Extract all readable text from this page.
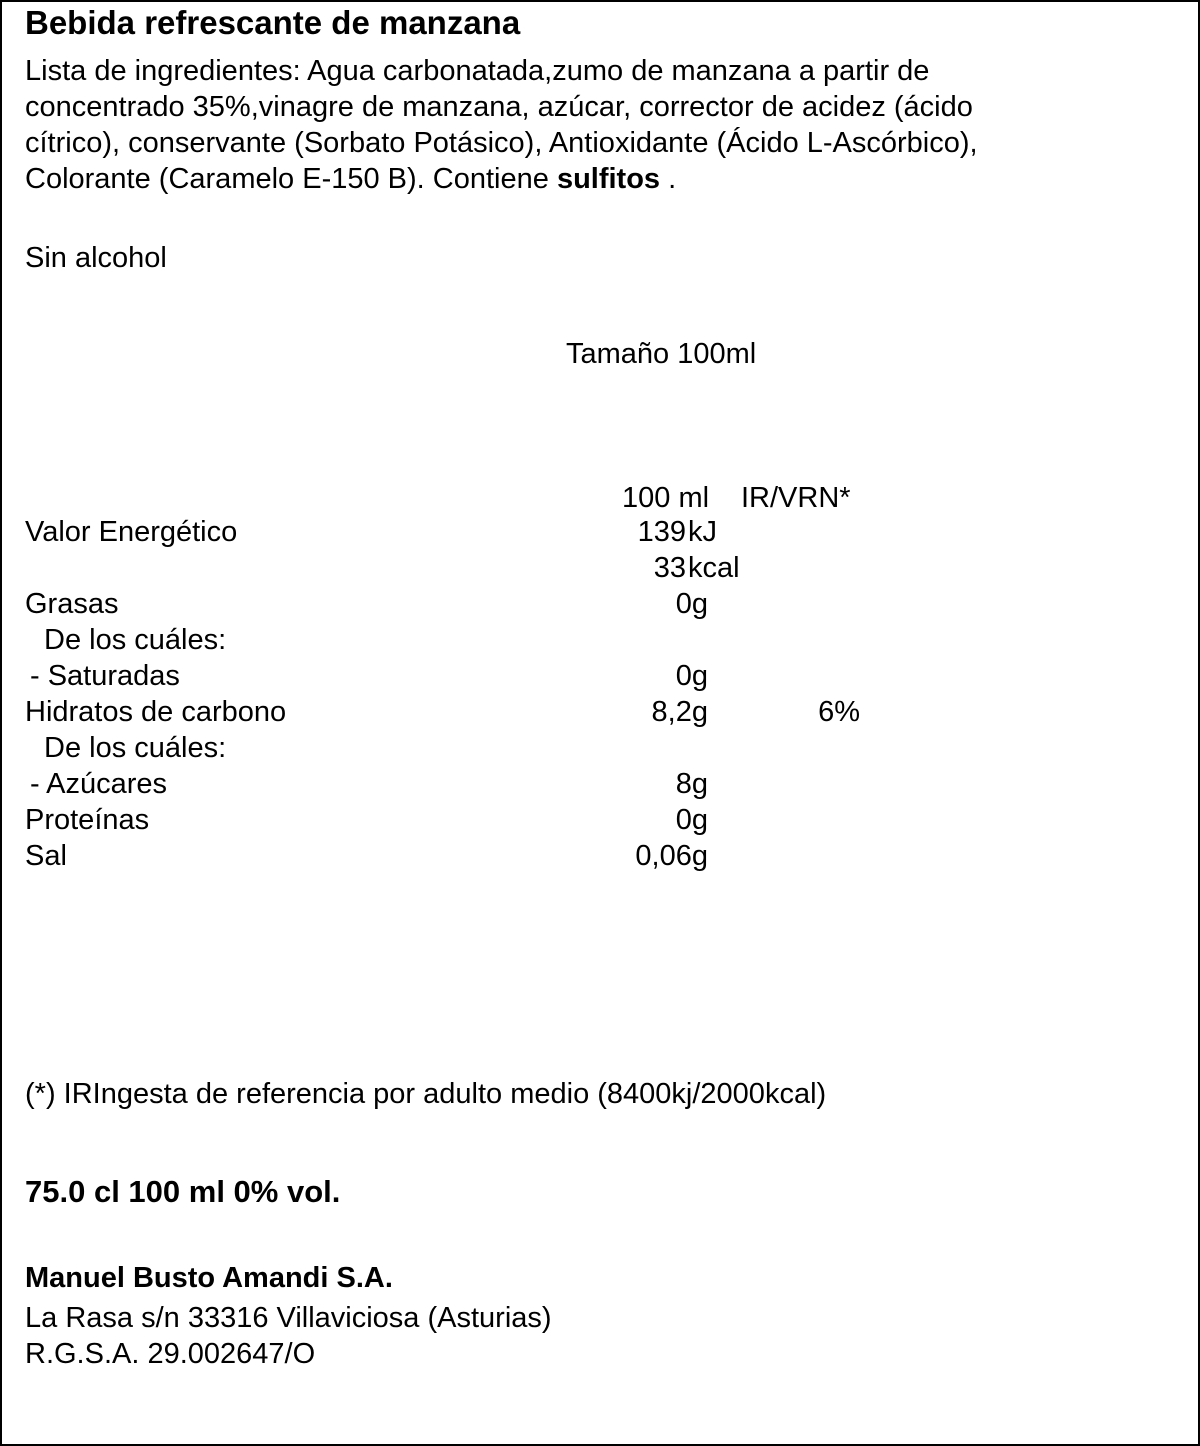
Bebida refrescante de manzana

Lista de ingredientes: Agua carbonatada,zumo de manzana a partir de

concentrado 35%,vinagre de manzana, azúcar, corrector de acidez (ácido

cítrico), conservante (Sorbato Potásico), Antioxidante (Ácido L-Ascórbico),

Colorante (Caramelo E-150 B). Contiene sulfitos .

Sin alcohol
Tamaño 100ml
100 ml IR/VRN*
Valor Energético	139 kJ
33 kcal
Grasas	0g
De los cuáles:
- Saturadas	0g
Hidratos de carbono	8,2g	6%
De los cuáles:
- Azúcares	8g
Proteínas	0g
Sal	0,06g
(*) IRIngesta de referencia por adulto medio (8400kj/2000kcal)
75.0 cl 100 ml 0% vol.
Manuel Busto Amandi S.A.
La Rasa s/n 33316 Villaviciosa (Asturias)
R.G.S.A. 29.002647/O
